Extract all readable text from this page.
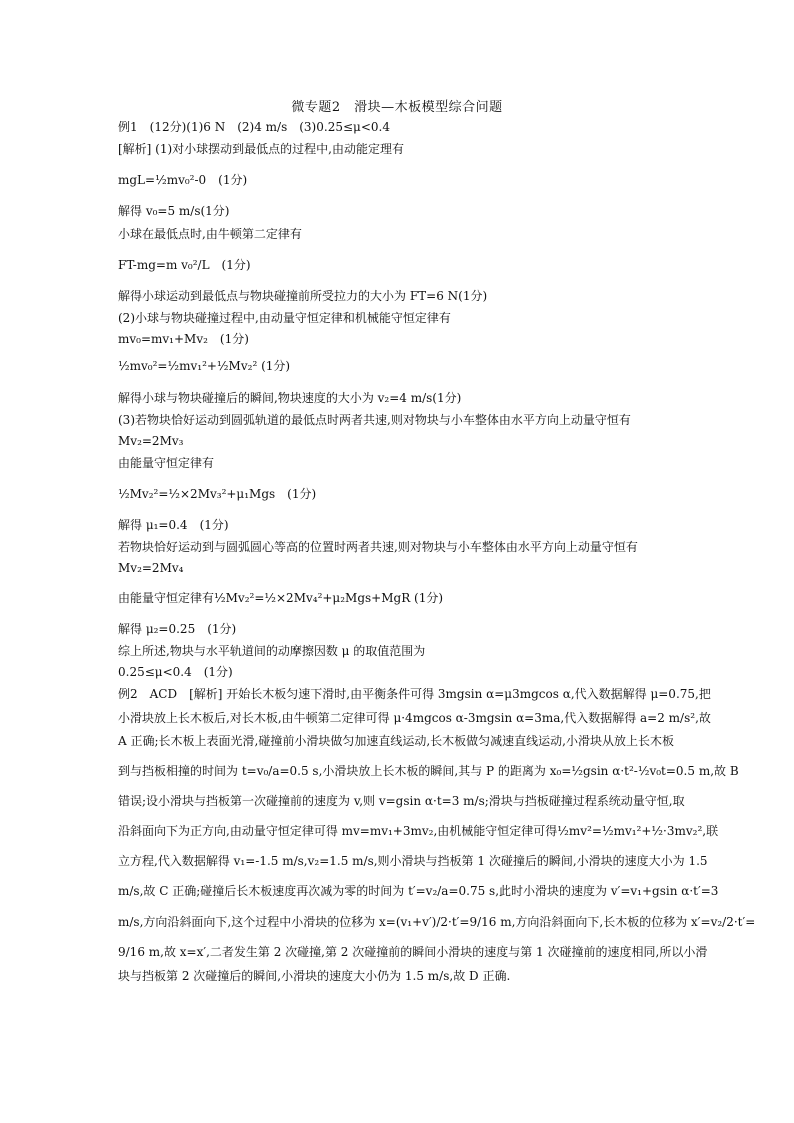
微专题2　滑块—木板模型综合问题
例1　(12分)(1)6 N　(2)4 m/s　(3)0.25≤μ<0.4
[解析] (1)对小球摆动到最低点的过程中,由动能定理有
mgL=½mv₀²-0　(1分)
解得 v₀=5 m/s(1分)
小球在最低点时,由牛顿第二定律有
FT-mg=m v₀²/L　(1分)
解得小球运动到最低点与物块碰撞前所受拉力的大小为 FT=6 N(1分)
(2)小球与物块碰撞过程中,由动量守恒定律和机械能守恒定律有
mv₀=mv₁+Mv₂　(1分)
½mv₀²=½mv₁²+½Mv₂² (1分)
解得小球与物块碰撞后的瞬间,物块速度的大小为 v₂=4 m/s(1分)
(3)若物块恰好运动到圆弧轨道的最低点时两者共速,则对物块与小车整体由水平方向上动量守恒有
Mv₂=2Mv₃
由能量守恒定律有
½Mv₂²=½×2Mv₃²+μ₁Mgs　(1分)
解得 μ₁=0.4　(1分)
若物块恰好运动到与圆弧圆心等高的位置时两者共速,则对物块与小车整体由水平方向上动量守恒有
Mv₂=2Mv₄
由能量守恒定律有½Mv₂²=½×2Mv₄²+μ₂Mgs+MgR (1分)
解得 μ₂=0.25　(1分)
综上所述,物块与水平轨道间的动摩擦因数 μ 的取值范围为
0.25≤μ<0.4　(1分)
例2　ACD　[解析] 开始长木板匀速下滑时,由平衡条件可得 3mgsin α=μ3mgcos α,代入数据解得 μ=0.75,把
小滑块放上长木板后,对长木板,由牛顿第二定律可得 μ·4mgcos α-3mgsin α=3ma,代入数据解得 a=2 m/s²,故
A 正确;长木板上表面光滑,碰撞前小滑块做匀加速直线运动,长木板做匀减速直线运动,小滑块从放上长木板
到与挡板相撞的时间为 t=v₀/a=0.5 s,小滑块放上长木板的瞬间,其与 P 的距离为 x₀=½gsin α·t²-½v₀t=0.5 m,故 B
错误;设小滑块与挡板第一次碰撞前的速度为 v,则 v=gsin α·t=3 m/s;滑块与挡板碰撞过程系统动量守恒,取
沿斜面向下为正方向,由动量守恒定律可得 mv=mv₁+3mv₂,由机械能守恒定律可得½mv²=½mv₁²+½·3mv₂²,联
立方程,代入数据解得 v₁=-1.5 m/s,v₂=1.5 m/s,则小滑块与挡板第 1 次碰撞后的瞬间,小滑块的速度大小为 1.5
m/s,故 C 正确;碰撞后长木板速度再次减为零的时间为 t′=v₂/a=0.75 s,此时小滑块的速度为 v′=v₁+gsin α·t′=3
m/s,方向沿斜面向下,这个过程中小滑块的位移为 x=(v₁+v′)/2·t′=9/16 m,方向沿斜面向下,长木板的位移为 x′=v₂/2·t′=
9/16 m,故 x=x′,二者发生第 2 次碰撞,第 2 次碰撞前的瞬间小滑块的速度与第 1 次碰撞前的速度相同,所以小滑
块与挡板第 2 次碰撞后的瞬间,小滑块的速度大小仍为 1.5 m/s,故 D 正确.
